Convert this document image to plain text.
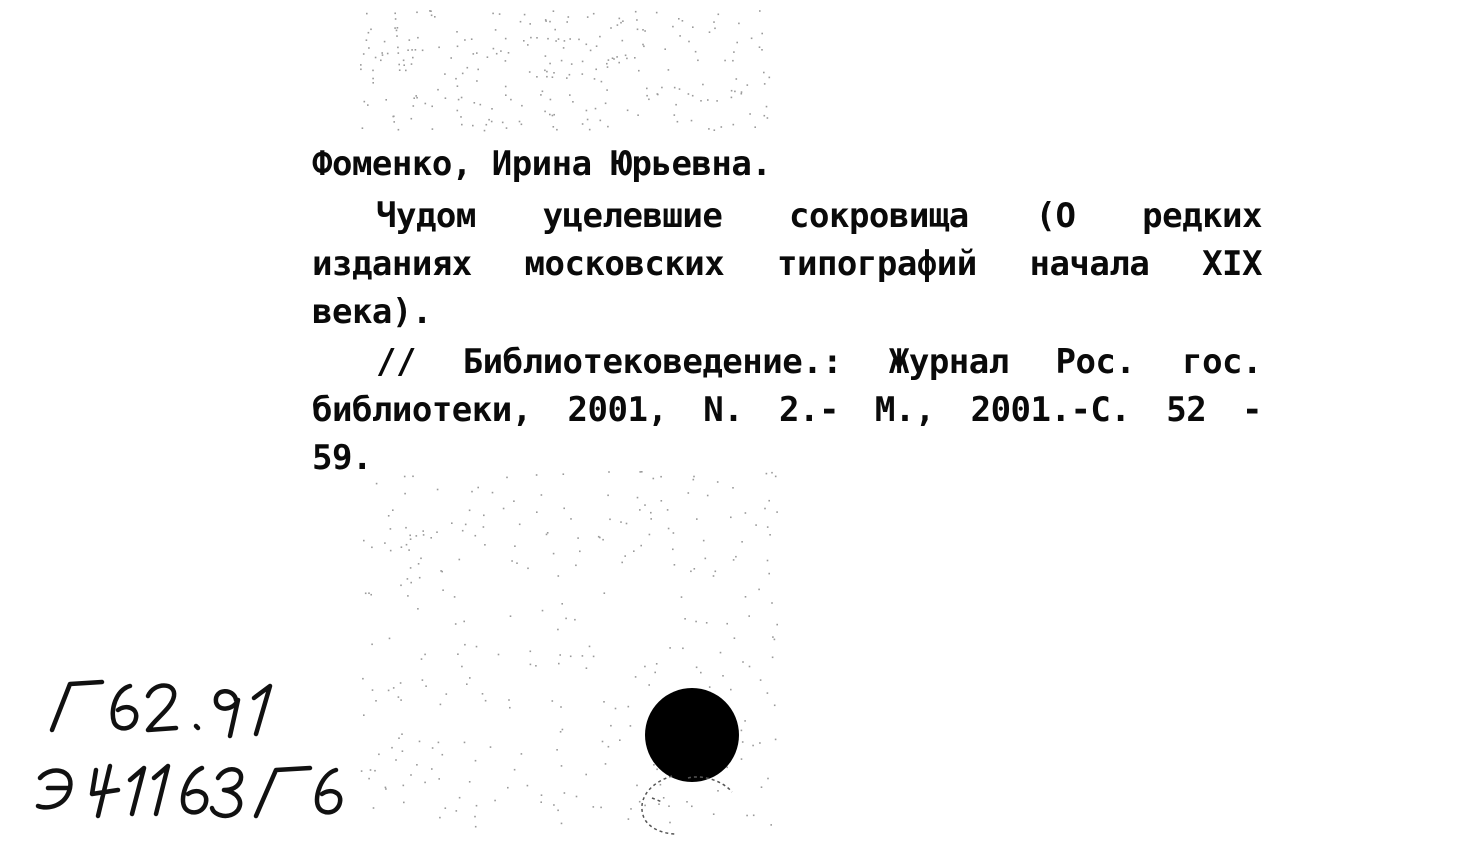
Фоменко, Ирина Юрьевна.

Чудом уцелевшие сокровища (О редких изданиях московских типографий начала XIX века).

// Библиотековедение.: Журнал Рос. гос. библиотеки, 2001, N. 2.- М., 2001.-С. 52 - 59.
